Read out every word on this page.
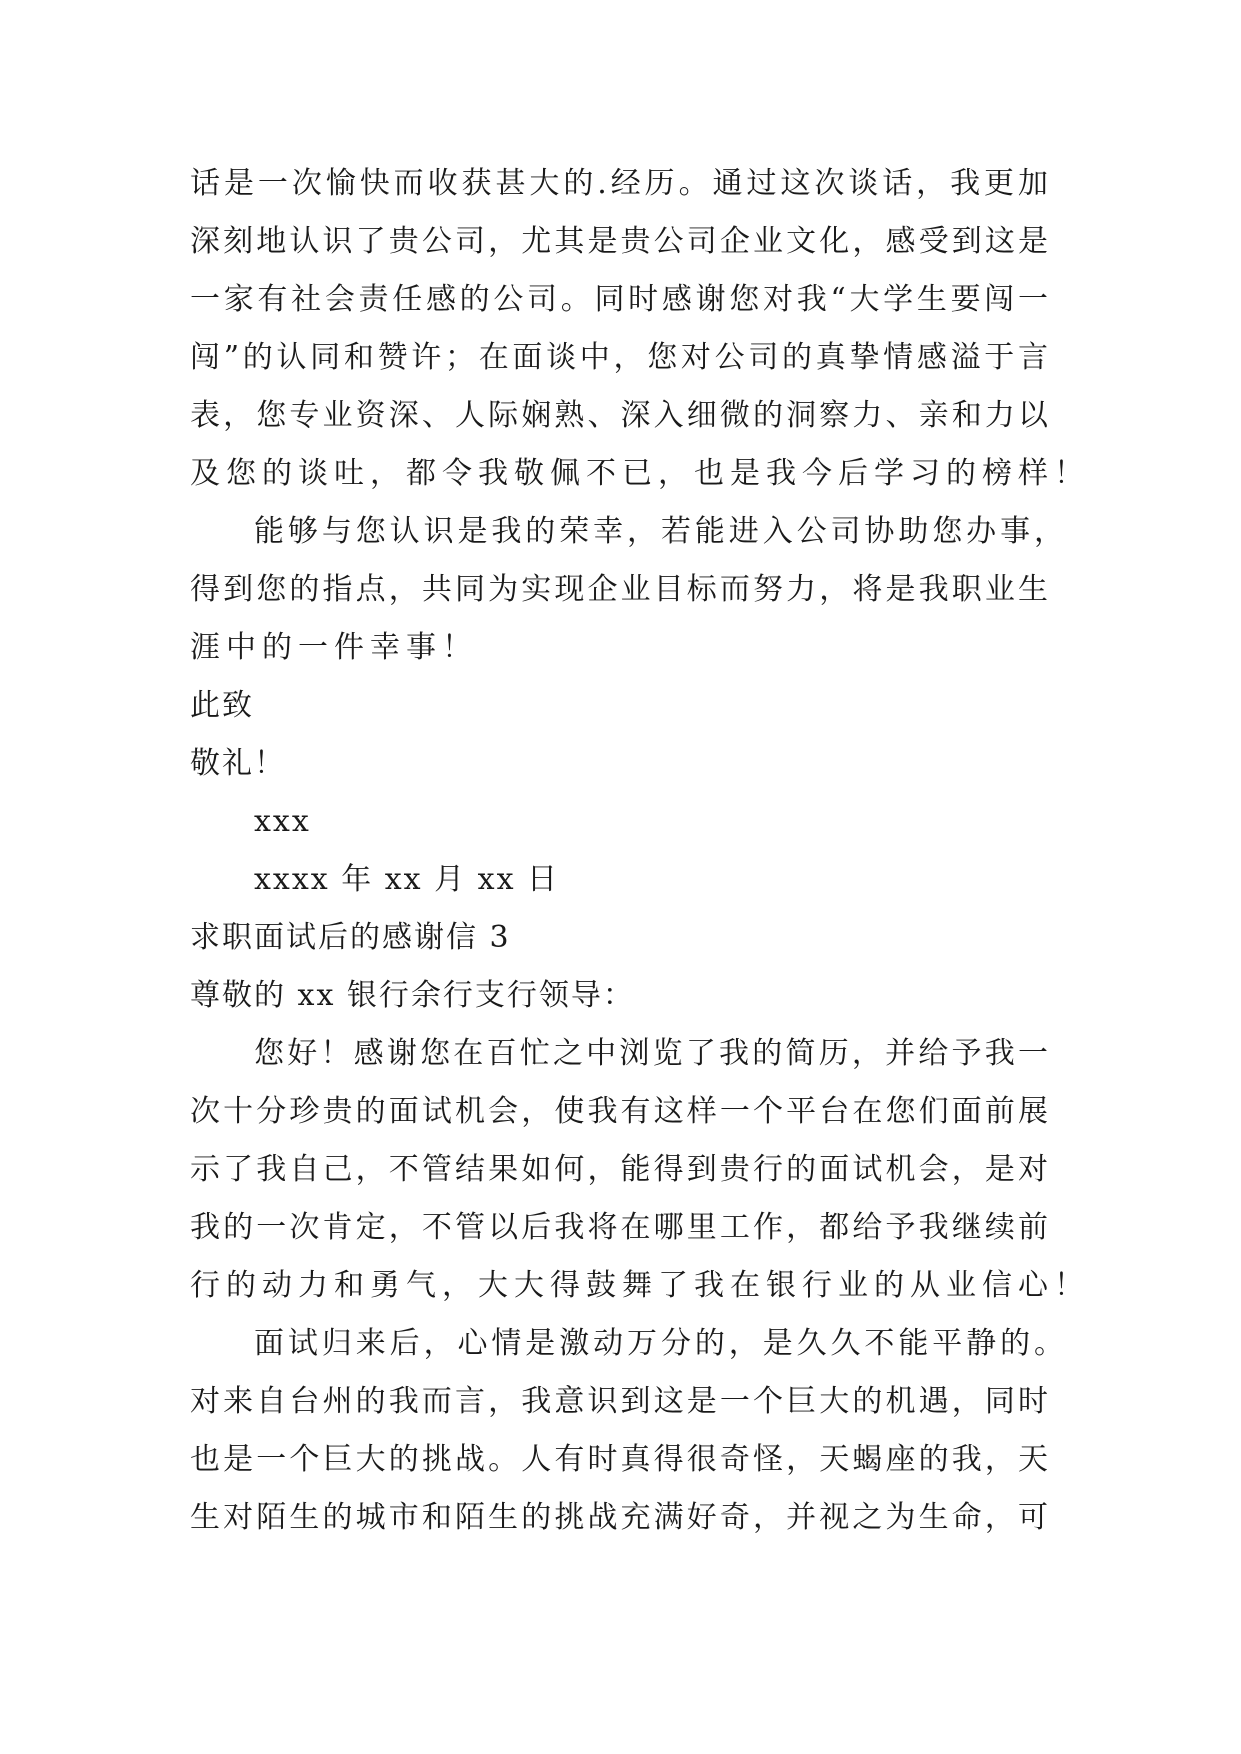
话是一次愉快而收获甚大的.经历。通过这次谈话，我更加
深刻地认识了贵公司，尤其是贵公司企业文化，感受到这是
一家有社会责任感的公司。同时感谢您对我“大学生要闯一
闯”的认同和赞许；在面谈中，您对公司的真挚情感溢于言
表，您专业资深、人际娴熟、深入细微的洞察力、亲和力以
及您的谈吐，都令我敬佩不已，也是我今后学习的榜样！
能够与您认识是我的荣幸，若能进入公司协助您办事，
得到您的指点，共同为实现企业目标而努力，将是我职业生
涯中的一件幸事！
此致
敬礼！
xxx
xxxx 年 xx 月 xx 日
求职面试后的感谢信 3
尊敬的 xx 银行余行支行领导：
您好！感谢您在百忙之中浏览了我的简历，并给予我一
次十分珍贵的面试机会，使我有这样一个平台在您们面前展
示了我自己，不管结果如何，能得到贵行的面试机会，是对
我的一次肯定，不管以后我将在哪里工作，都给予我继续前
行的动力和勇气，大大得鼓舞了我在银行业的从业信心！
面试归来后，心情是激动万分的，是久久不能平静的。
对来自台州的我而言，我意识到这是一个巨大的机遇，同时
也是一个巨大的挑战。人有时真得很奇怪，天蝎座的我，天
生对陌生的城市和陌生的挑战充满好奇，并视之为生命，可
